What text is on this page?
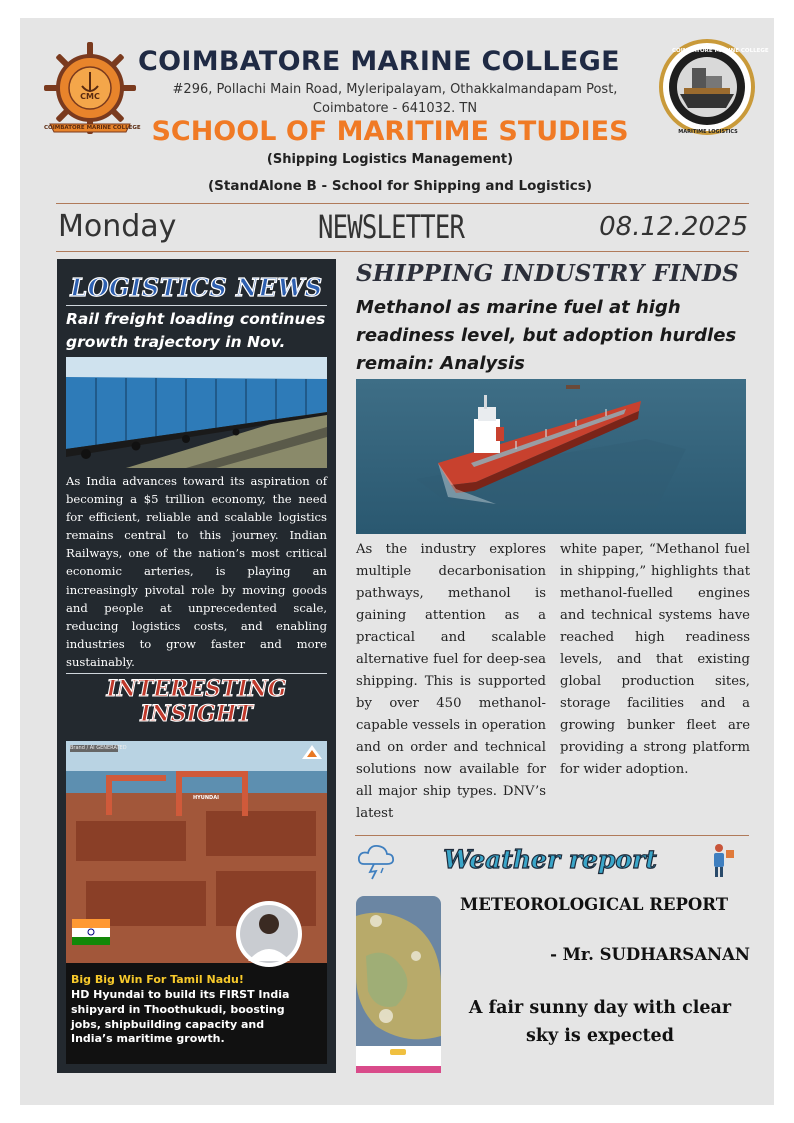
CMC
COIMBATORE MARINE COLLEGE
COIMBATORE MARINE COLLEGE
MARITIME LOGISTICS
COIMBATORE MARINE COLLEGE
#296, Pollachi Main Road, Myleripalayam, Othakkalmandapam Post,
Coimbatore - 641032. TN
SCHOOL OF MARITIME STUDIES
(Shipping Logistics Management)
(StandAlone B - School for Shipping and Logistics)
Monday	NEWSLETTER	08.12.2025
LOGISTICS NEWS
Rail freight loading continues growth trajectory in Nov.
As India advances toward its aspiration of becoming a $5 trillion economy, the need for efficient, reliable and scalable logistics remains central to this journey. Indian Railways, one of the nation’s most critical economic arteries, is playing an increasingly pivotal role by moving goods and people at unprecedented scale, reducing logistics costs, and enabling industries to grow faster and more sustainably.
INTERESTING
INSIGHT
Brand / AI GENERATED
HYUNDAI
Big Big Win For Tamil Nadu!
HD Hyundai to build its FIRST India shipyard in Thoothukudi, boosting jobs, shipbuilding capacity and India’s maritime growth.
SHIPPING INDUSTRY FINDS
Methanol as marine fuel at high readiness level, but adoption hurdles remain: Analysis
As the industry explores multiple decarbonisation pathways, methanol is gaining attention as a practical and scalable alternative fuel for deep-sea shipping. This is supported by over 450 methanol-capable vessels in operation and on order and technical solutions now available for all major ship types. DNV’s latest
white paper, “Methanol fuel in shipping,” highlights that methanol-fuelled engines and technical systems have reached high readiness levels, and that existing global production sites, storage facilities and a growing bunker fleet are providing a strong platform for wider adoption.
Weather report
METEOROLOGICAL REPORT
- Mr. SUDHARSANAN
A fair sunny day with clear sky is expected
